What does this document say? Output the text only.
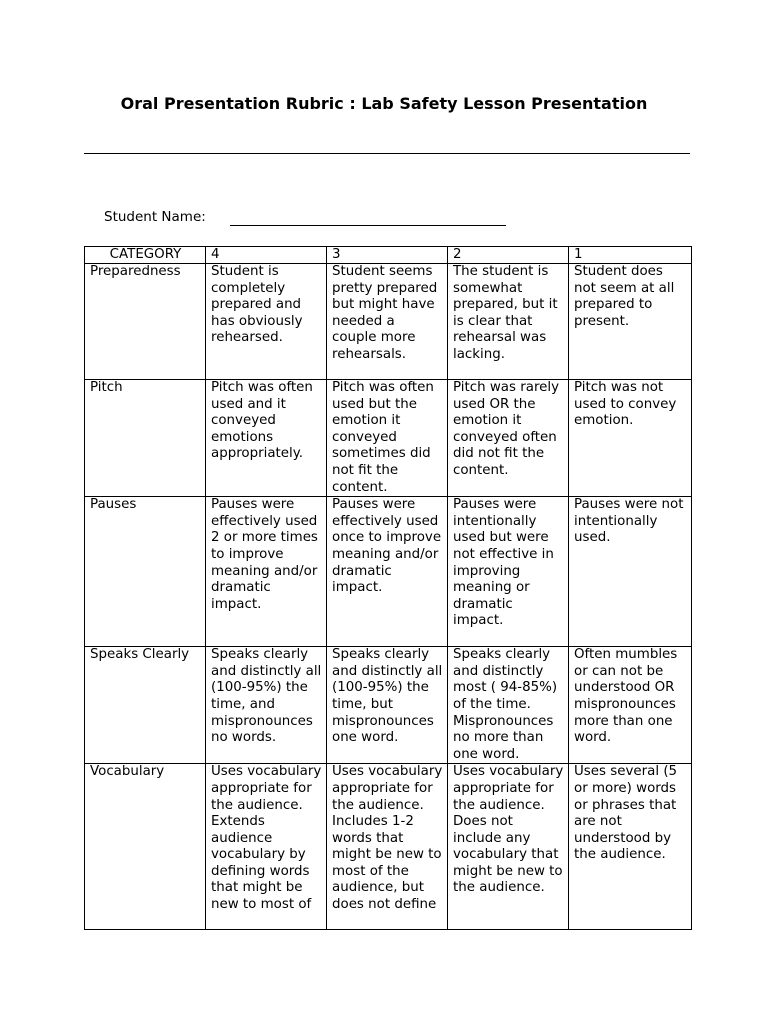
Oral Presentation Rubric : Lab Safety Lesson Presentation
Student Name:
CATEGORY	4	3	2	1
Preparedness	Student is completely prepared and has obviously rehearsed.	Student seems pretty prepared but might have needed a couple more rehearsals.	The student is somewhat prepared, but it is clear that rehearsal was lacking.	Student does not seem at all prepared to present.
Pitch	Pitch was often used and it conveyed emotions appropriately.	Pitch was often used but the emotion it conveyed sometimes did not fit the content.	Pitch was rarely used OR the emotion it conveyed often did not fit the content.	Pitch was not used to convey emotion.
Pauses	Pauses were effectively used 2 or more times to improve meaning and/or dramatic impact.	Pauses were effectively used once to improve meaning and/or dramatic impact.	Pauses were intentionally used but were not effective in improving meaning or dramatic impact.	Pauses were not intentionally used.
Speaks Clearly	Speaks clearly and distinctly all (100-95%) the time, and mispronounces no words.	Speaks clearly and distinctly all (100-95%) the time, but mispronounces one word.	Speaks clearly and distinctly most ( 94-85%) of the time. Mispronounces no more than one word.	Often mumbles or can not be understood OR mispronounces more than one word.
Vocabulary	Uses vocabulary appropriate for the audience. Extends audience vocabulary by defining words that might be new to most of	Uses vocabulary appropriate for the audience. Includes 1-2 words that might be new to most of the audience, but does not define	Uses vocabulary appropriate for the audience. Does not include any vocabulary that might be new to the audience.	Uses several (5 or more) words or phrases that are not understood by the audience.
